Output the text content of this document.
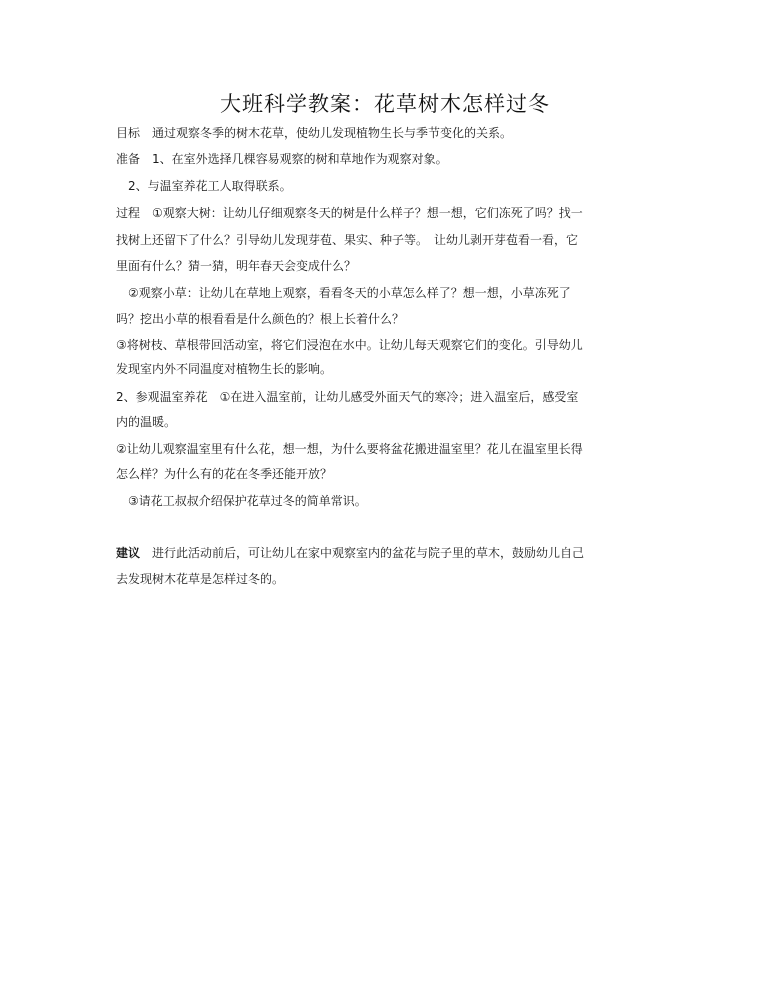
大班科学教案：花草树木怎样过冬
目标　通过观察冬季的树木花草，使幼儿发现植物生长与季节变化的关系。
准备　1、在室外选择几棵容易观察的树和草地作为观察对象。
　2、与温室养花工人取得联系。
过程　①观察大树：让幼儿仔细观察冬天的树是什么样子？想一想，它们冻死了吗？找一
找树上还留下了什么？引导幼儿发现芽苞、果实、种子等。　让幼儿剥开芽苞看一看，它
里面有什么？猜一猜，明年春天会变成什么？
　②观察小草：让幼儿在草地上观察，看看冬天的小草怎么样了？想一想，小草冻死了
吗？挖出小草的根看看是什么颜色的？根上长着什么？
③将树枝、草根带回活动室，将它们浸泡在水中。让幼儿每天观察它们的变化。引导幼儿
发现室内外不同温度对植物生长的影响。
2、参观温室养花　①在进入温室前，让幼儿感受外面天气的寒冷；进入温室后，感受室
内的温暖。
②让幼儿观察温室里有什么花，想一想，为什么要将盆花搬进温室里？花儿在温室里长得
怎么样？为什么有的花在冬季还能开放？
　③请花工叔叔介绍保护花草过冬的简单常识。
建议　进行此活动前后，可让幼儿在家中观察室内的盆花与院子里的草木，鼓励幼儿自己
去发现树木花草是怎样过冬的。
